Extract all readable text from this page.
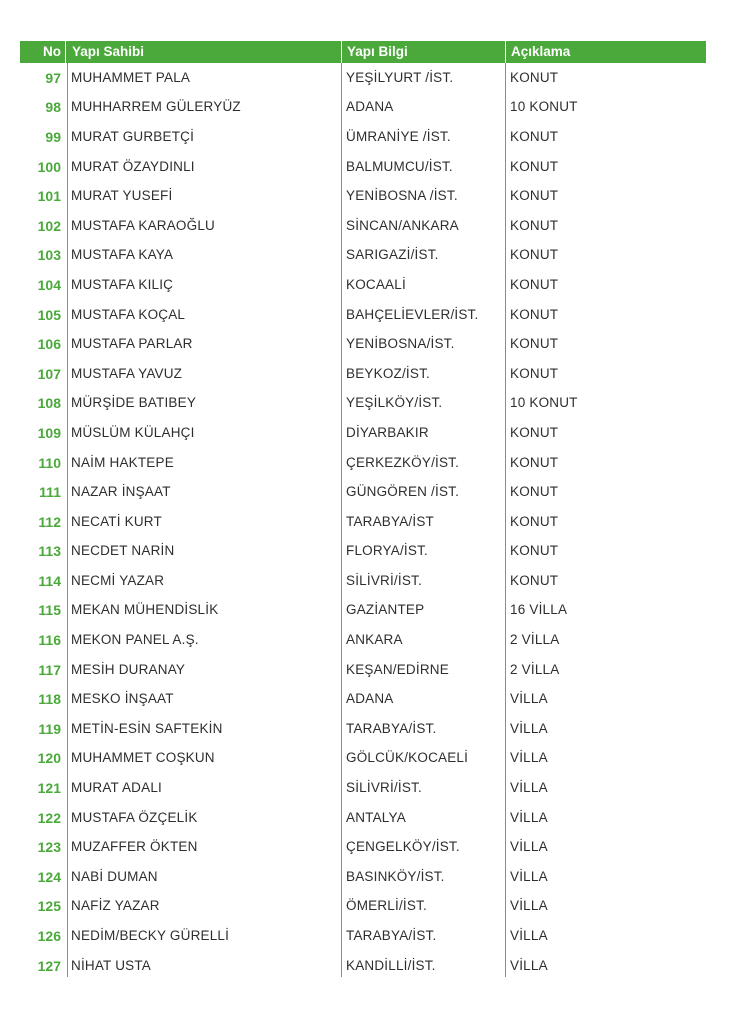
No Yapı Sahibi	Yapı Bilgi	Açıklama
97 MUHAMMET PALA	YEŞİLYURT /İST.	KONUT
98 MUHHARREM GÜLERYÜZ	ADANA	10 KONUT
99 MURAT GURBETÇİ	ÜMRANİYE /İST.	KONUT
100 MURAT ÖZAYDINLI	BALMUMCU/İST.	KONUT
101 MURAT YUSEFİ	YENİBOSNA /İST.	KONUT
102 MUSTAFA KARAOĞLU	SİNCAN/ANKARA	KONUT
103 MUSTAFA KAYA	SARIGAZİ/İST.	KONUT
104 MUSTAFA KILIÇ	KOCAALİ	KONUT
105 MUSTAFA KOÇAL	BAHÇELİEVLER/İST.	KONUT
106 MUSTAFA PARLAR	YENİBOSNA/İST.	KONUT
107 MUSTAFA YAVUZ	BEYKOZ/İST.	KONUT
108 MÜRŞİDE BATIBEY	YEŞİLKÖY/İST.	10 KONUT
109 MÜSLÜM KÜLAHÇI	DİYARBAKIR	KONUT
110 NAİM HAKTEPE	ÇERKEZKÖY/İST.	KONUT
111 NAZAR İNŞAAT	GÜNGÖREN /İST.	KONUT
112 NECATİ KURT	TARABYA/İST	KONUT
113 NECDET NARİN	FLORYA/İST.	KONUT
114 NECMİ YAZAR	SİLİVRİ/İST.	KONUT
115 MEKAN MÜHENDİSLİK	GAZİANTEP	16 VİLLA
116 MEKON PANEL A.Ş.	ANKARA	2 VİLLA
117 MESİH DURANAY	KEŞAN/EDİRNE	2 VİLLA
118 MESKO İNŞAAT	ADANA	VİLLA
119 METİN-ESİN SAFTEKİN	TARABYA/İST.	VİLLA
120 MUHAMMET COŞKUN	GÖLCÜK/KOCAELİ	VİLLA
121 MURAT ADALI	SİLİVRİ/İST.	VİLLA
122 MUSTAFA ÖZÇELİK	ANTALYA	VİLLA
123 MUZAFFER ÖKTEN	ÇENGELKÖY/İST.	VİLLA
124 NABİ DUMAN	BASINKÖY/İST.	VİLLA
125 NAFİZ YAZAR	ÖMERLİ/İST.	VİLLA
126 NEDİM/BECKY GÜRELLİ	TARABYA/İST.	VİLLA
127 NİHAT USTA	KANDİLLİ/İST.	VİLLA
